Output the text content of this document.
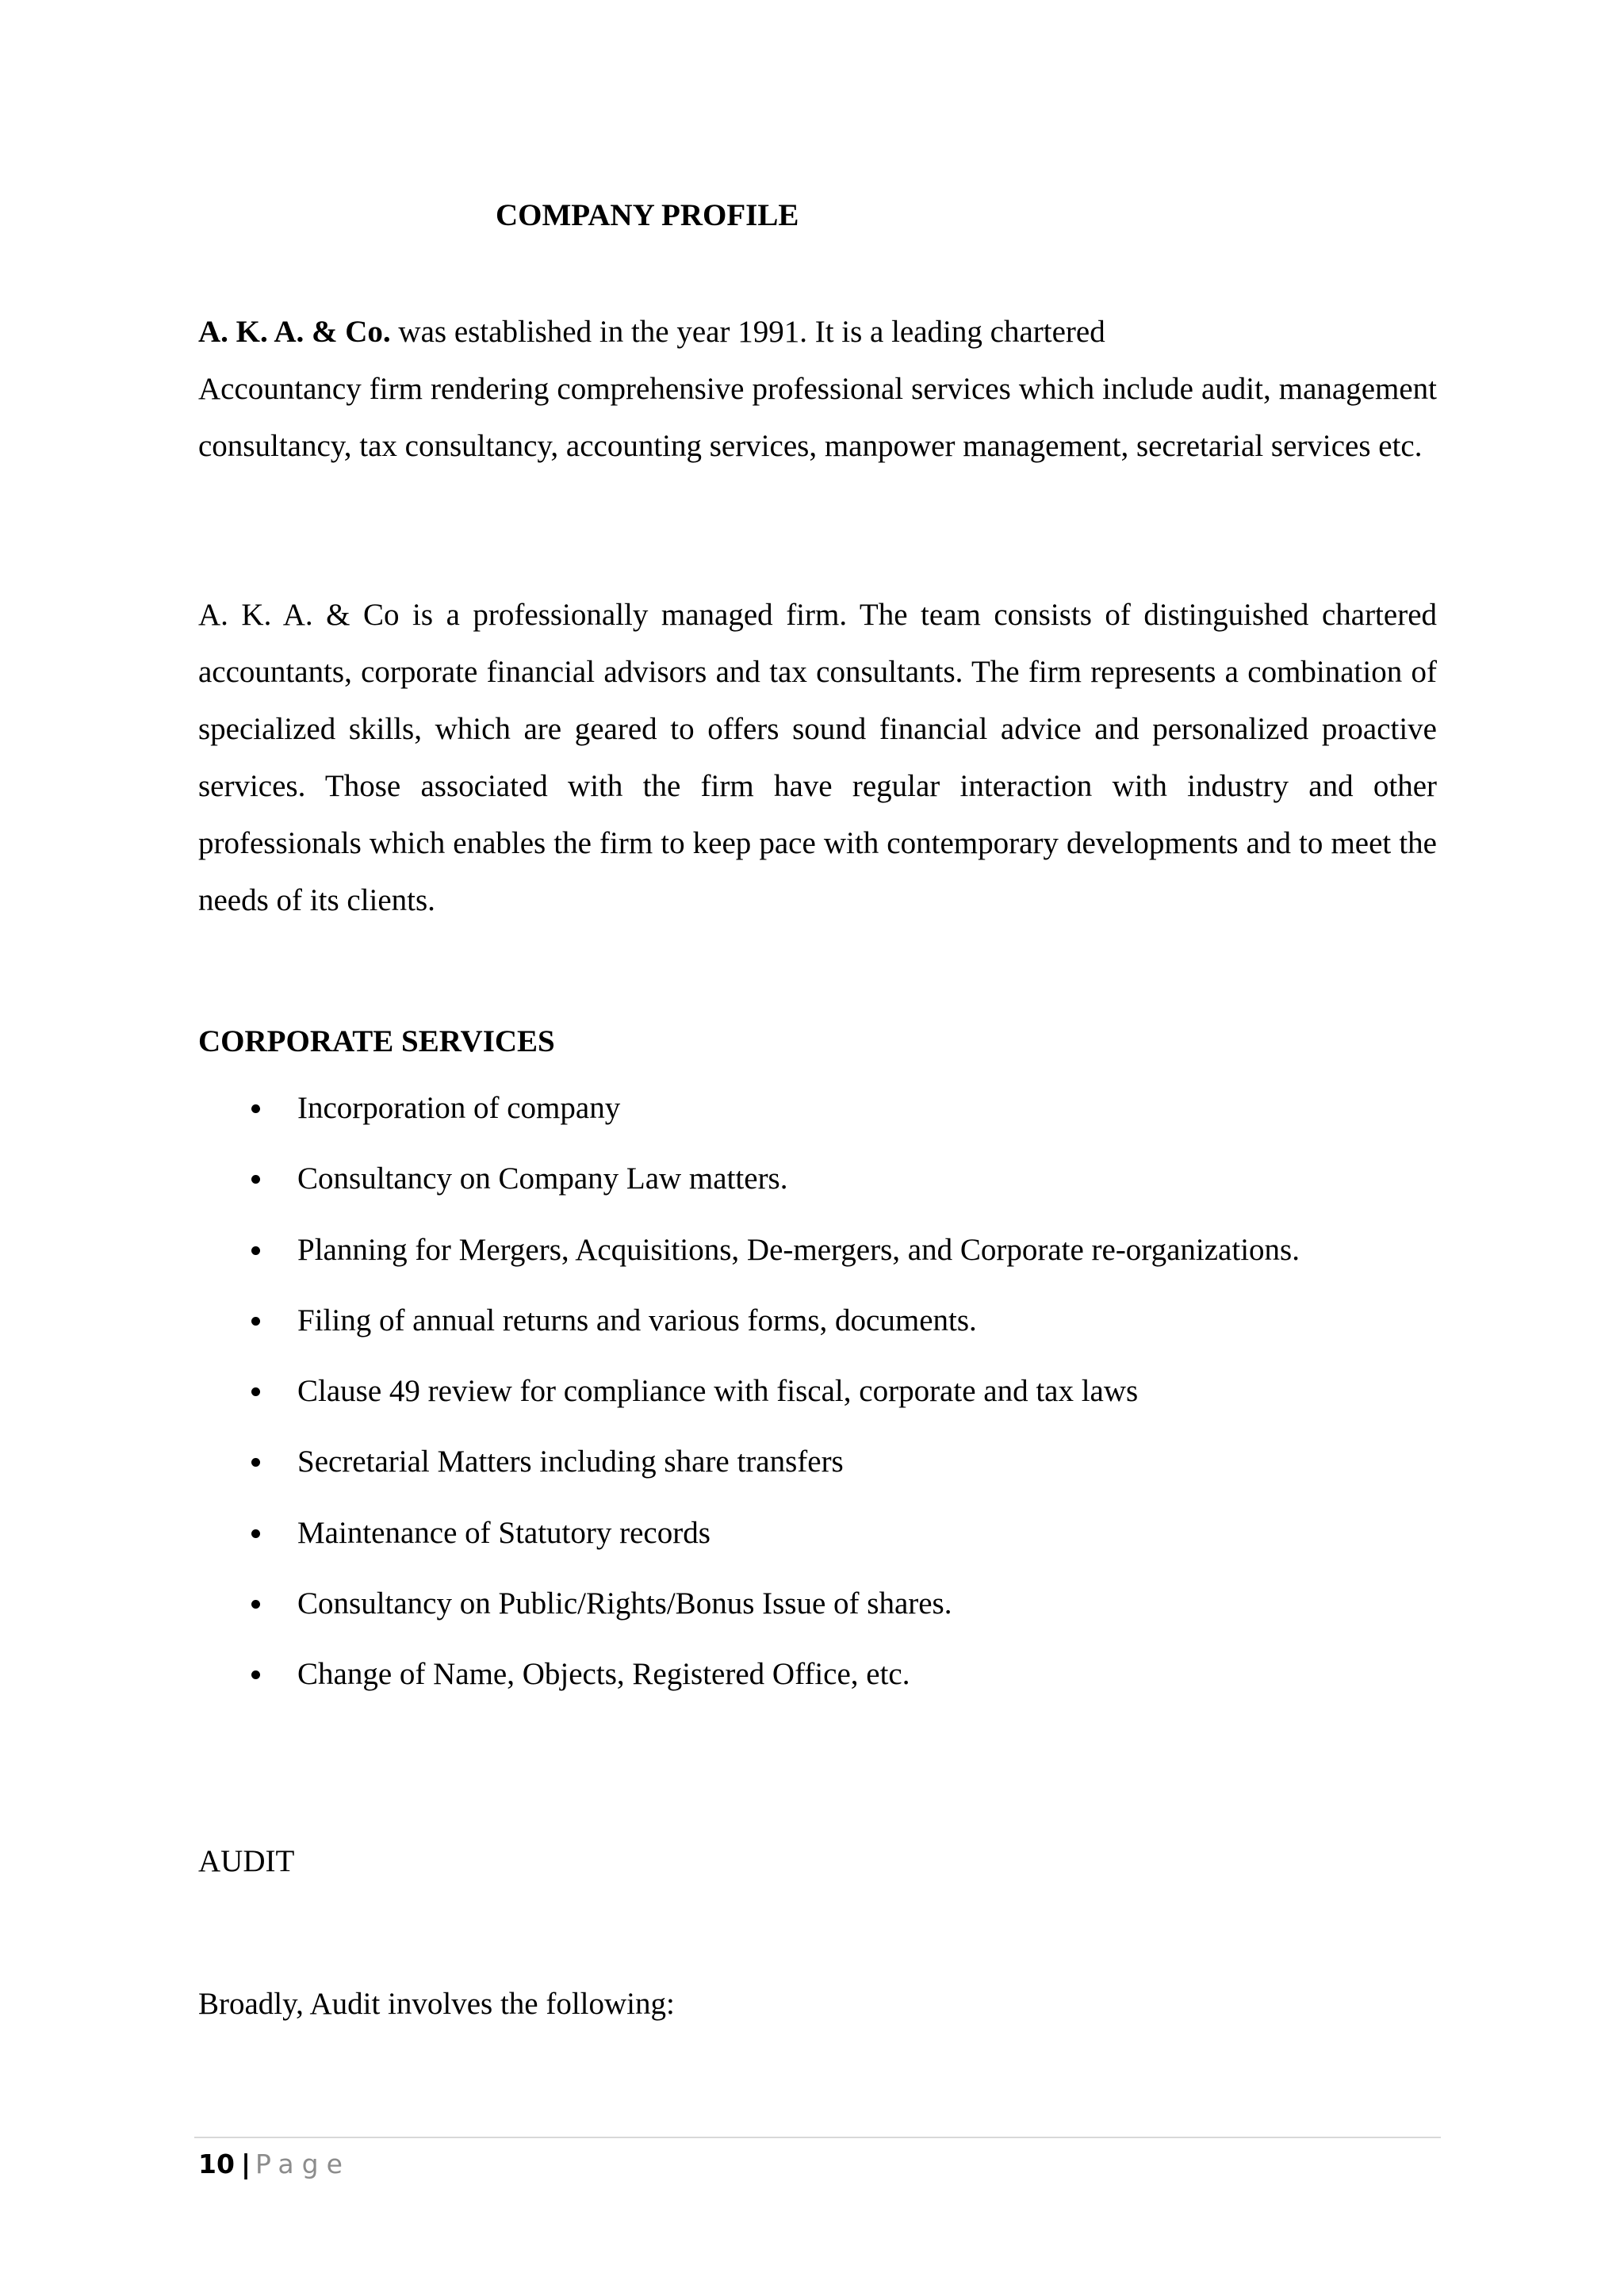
COMPANY PROFILE

A. K. A. & Co. was established in the year 1991. It is a leading chartered
Accountancy firm rendering comprehensive professional services which include audit, management consultancy, tax consultancy, accounting services, manpower management, secretarial services etc.

A. K. A. & Co is a professionally managed firm. The team consists of distinguished chartered accountants, corporate financial advisors and tax consultants. The firm represents a combination of specialized skills, which are geared to offers sound financial advice and personalized proactive services. Those associated with the firm have regular interaction with industry and other professionals which enables the firm to keep pace with contemporary developments and to meet the needs of its clients.

CORPORATE SERVICES
Incorporation of company
Consultancy on Company Law matters.
Planning for Mergers, Acquisitions, De-mergers, and Corporate re-organizations.
Filing of annual returns and various forms, documents.
Clause 49 review for compliance with fiscal, corporate and tax laws
Secretarial Matters including share transfers
Maintenance of Statutory records
Consultancy on Public/Rights/Bonus Issue of shares.
Change of Name, Objects, Registered Office, etc.
AUDIT

Broadly, Audit involves the following:

10 | Page
